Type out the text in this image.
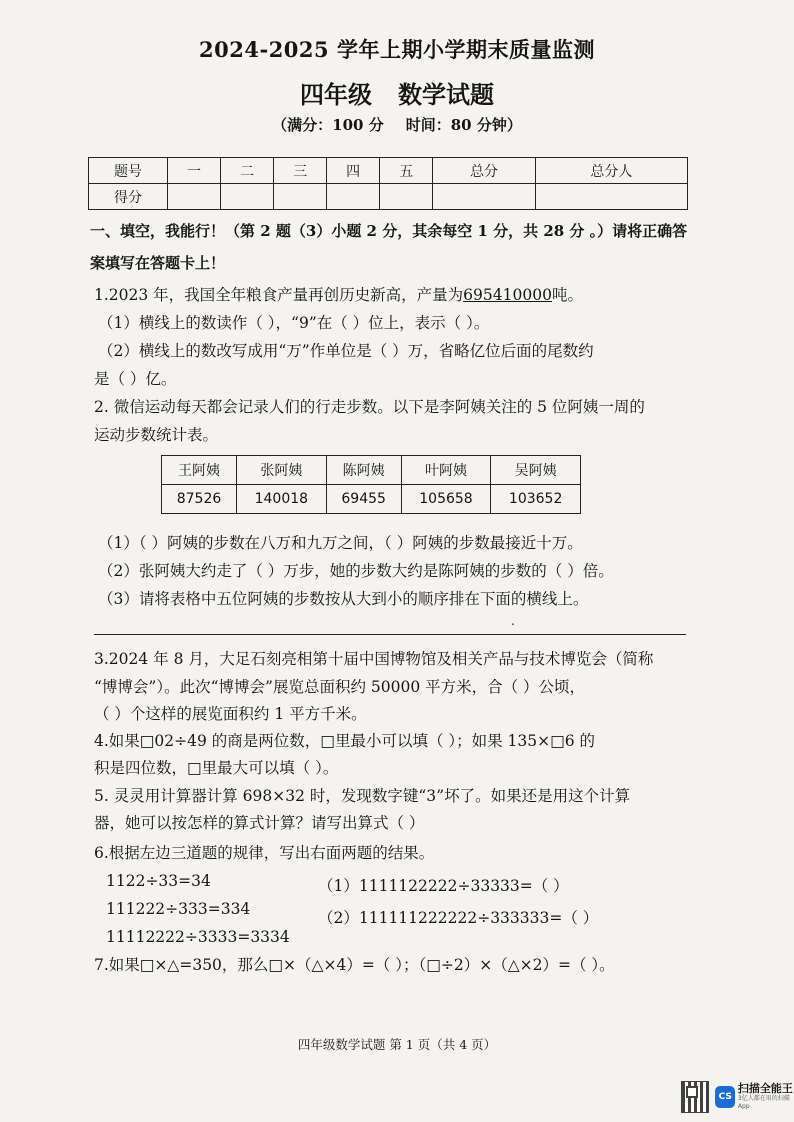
2024-2025 学年上期小学期末质量监测
四年级 数学试题
（满分：100 分 时间：80 分钟）
题号	一	二	三	四	五	总分	总分人
得分							
一、填空，我能行！（第 2 题（3）小题 2 分，其余每空 1 分，共 28 分 。）请将正确答
案填写在答题卡上！
1.2023 年，我国全年粮食产量再创历史新高，产量为695410000吨。
（1）横线上的数读作（ ），“9”在（ ）位上，表示（ ）。
（2）横线上的数改写成用“万”作单位是（ ）万，省略亿位后面的尾数约
是（ ）亿。
2. 微信运动每天都会记录人们的行走步数。以下是李阿姨关注的 5 位阿姨一周的
运动步数统计表。
王阿姨	张阿姨	陈阿姨	叶阿姨	吴阿姨
87526	140018	69455	105658	103652
（1）（ ）阿姨的步数在八万和九万之间，（ ）阿姨的步数最接近十万。
（2）张阿姨大约走了（ ）万步，她的步数大约是陈阿姨的步数的（ ）倍。
（3）请将表格中五位阿姨的步数按从大到小的顺序排在下面的横线上。
.
3.2024 年 8 月，大足石刻亮相第十届中国博物馆及相关产品与技术博览会（简称
“博博会”）。此次“博博会”展览总面积约 50000 平方米，合（ ）公顷，
（ ）个这样的展览面积约 1 平方千米。
4.如果□02÷49 的商是两位数，□里最小可以填（ ）；如果 135×□6 的
积是四位数，□里最大可以填（ ）。
5. 灵灵用计算器计算 698×32 时，发现数字键“3”坏了。如果还是用这个计算
器，她可以按怎样的算式计算？请写出算式（ ）
6.根据左边三道题的规律，写出右面两题的结果。
1122÷33=34
111222÷333=334
11112222÷3333=3334
（1）1111122222÷33333=（ ）
（2）111111222222÷333333=（ ）
7.如果□×△=350，那么□×（△×4）=（ ）；（□÷2）×（△×2）=（ ）。
四年级数学试题 第 1 页（共 4 页）
CS
扫描全能王
3亿人都在用的扫描App
